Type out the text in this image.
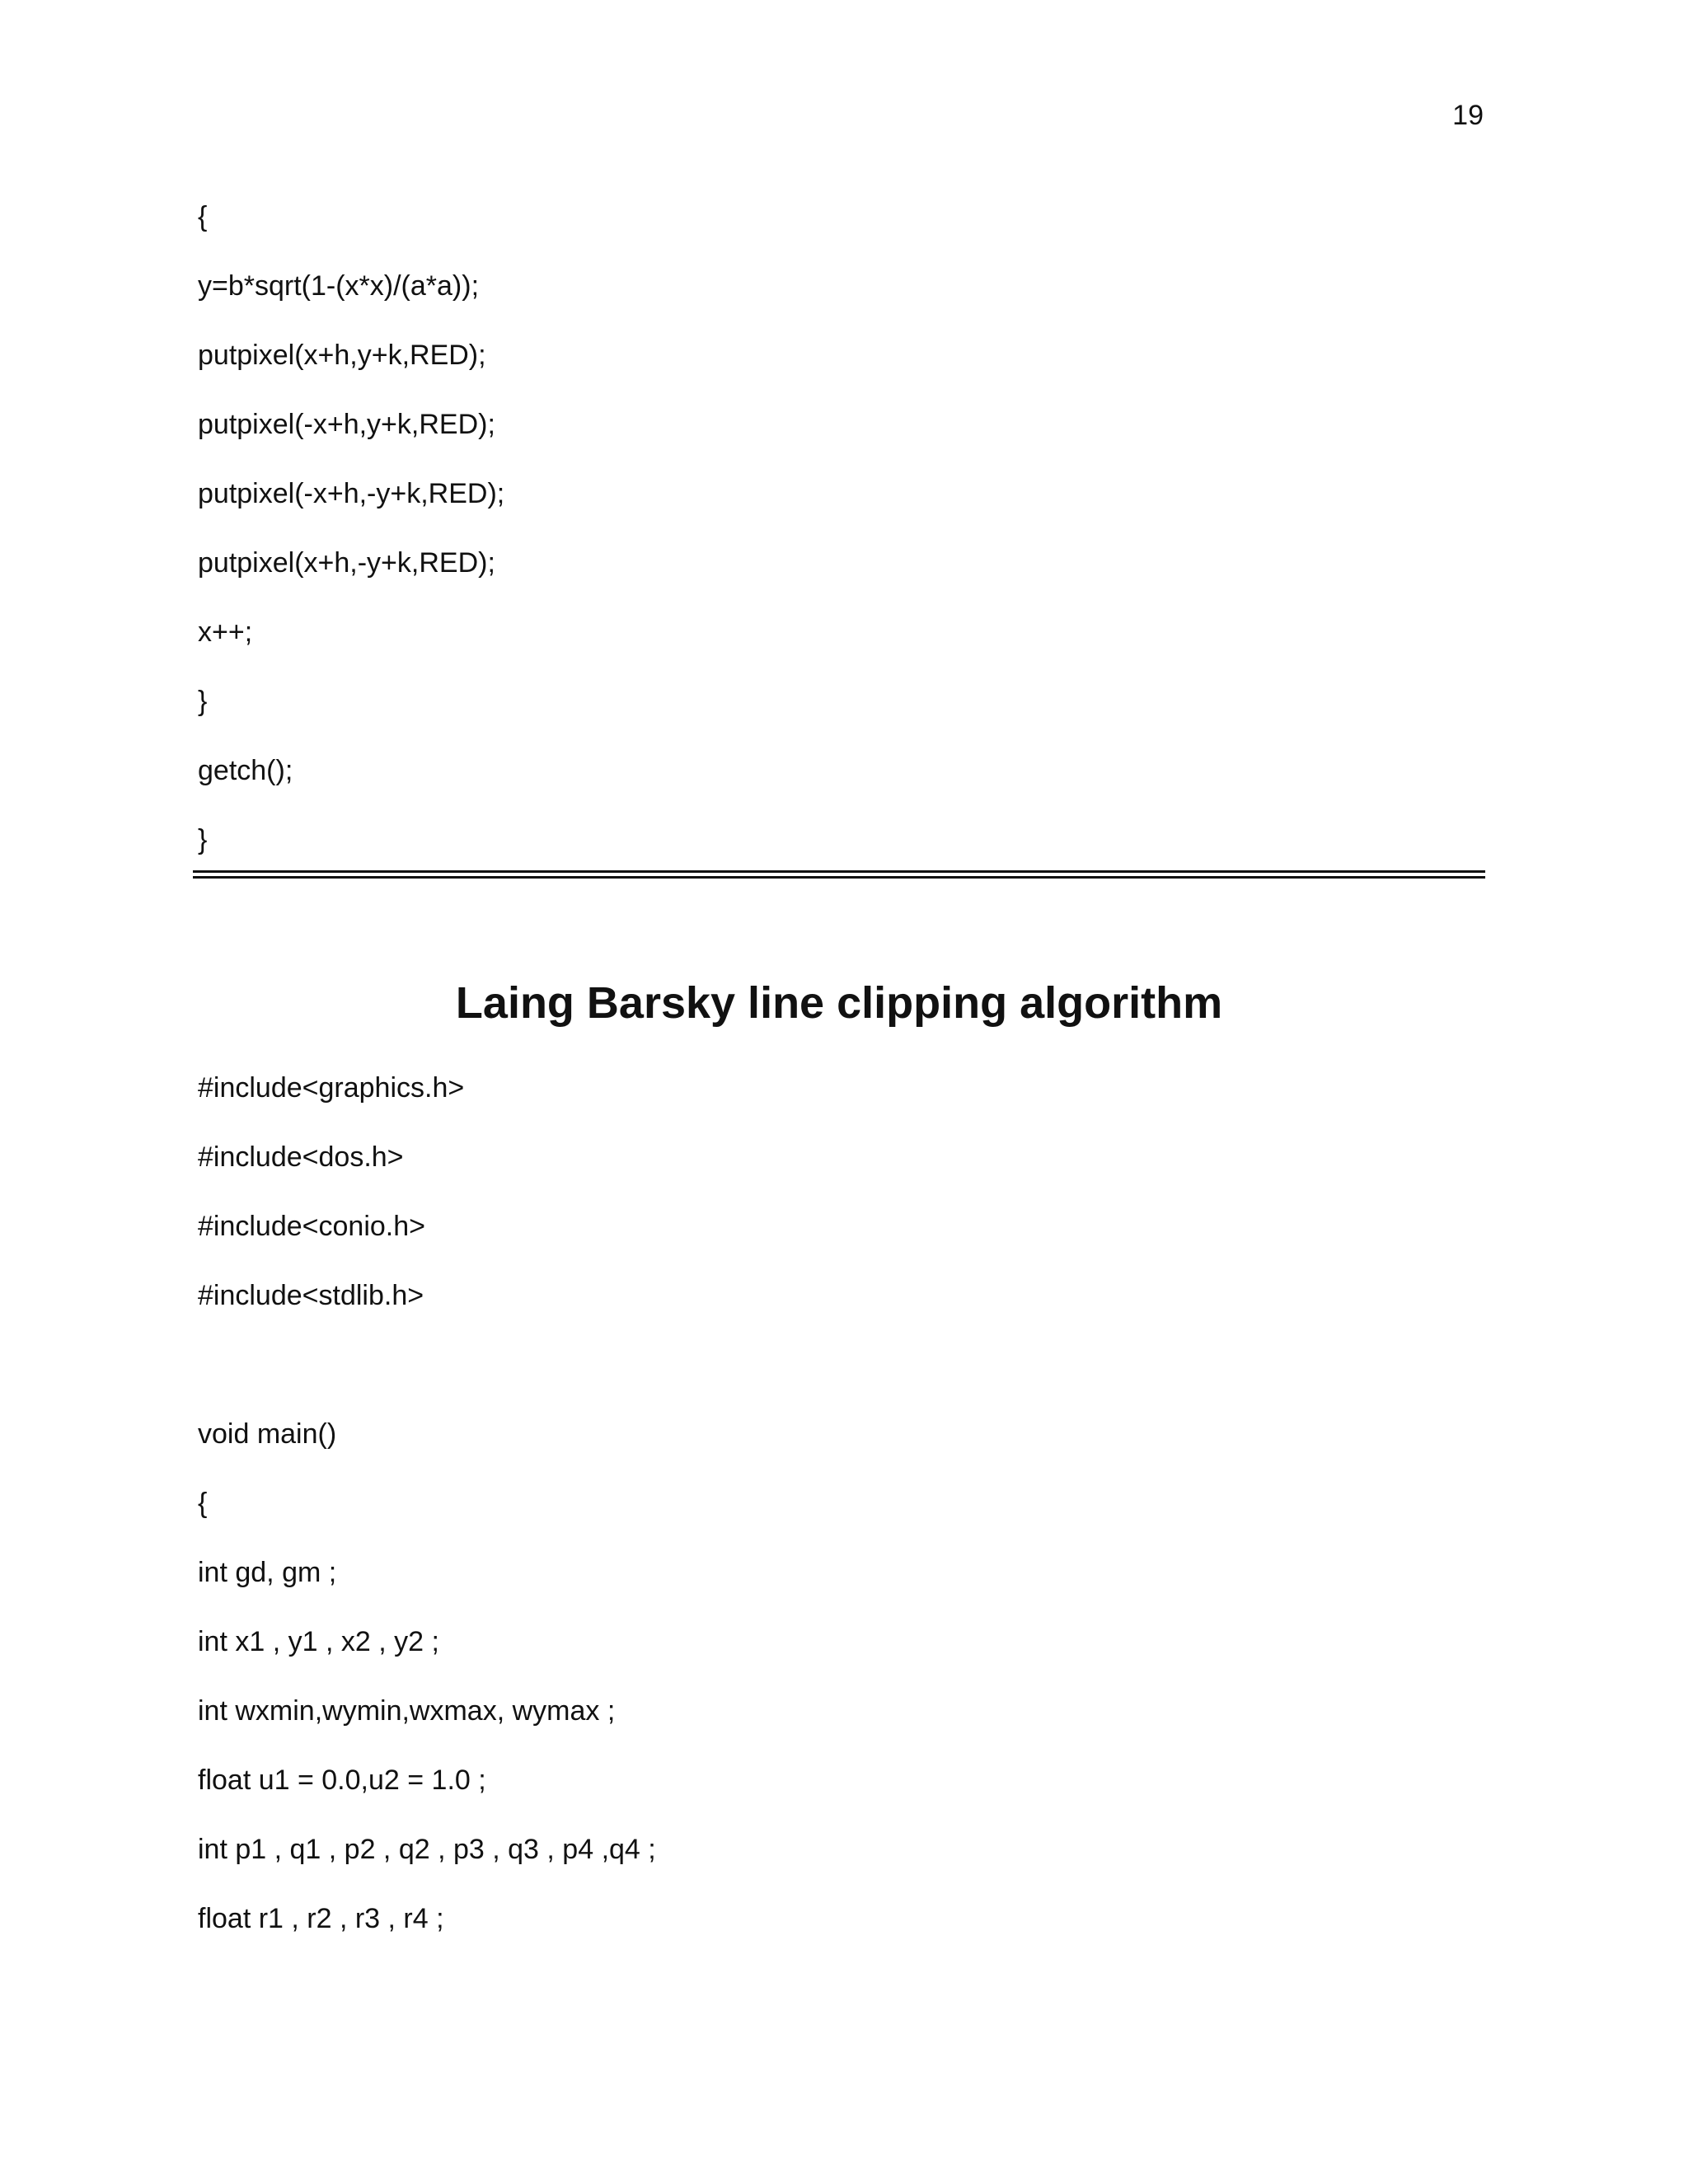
19
{
y=b*sqrt(1-(x*x)/(a*a));
putpixel(x+h,y+k,RED);
putpixel(-x+h,y+k,RED);
putpixel(-x+h,-y+k,RED);
putpixel(x+h,-y+k,RED);
x++;
}
getch();
}
Laing Barsky line clipping algorithm
#include<graphics.h>
#include<dos.h>
#include<conio.h>
#include<stdlib.h>
void main()
{
int gd, gm ;
int x1 , y1 , x2 , y2 ;
int wxmin,wymin,wxmax, wymax ;
float u1 = 0.0,u2 = 1.0 ;
int p1 , q1 , p2 , q2 , p3 , q3 , p4 ,q4 ;
float r1 , r2 , r3 , r4 ;
